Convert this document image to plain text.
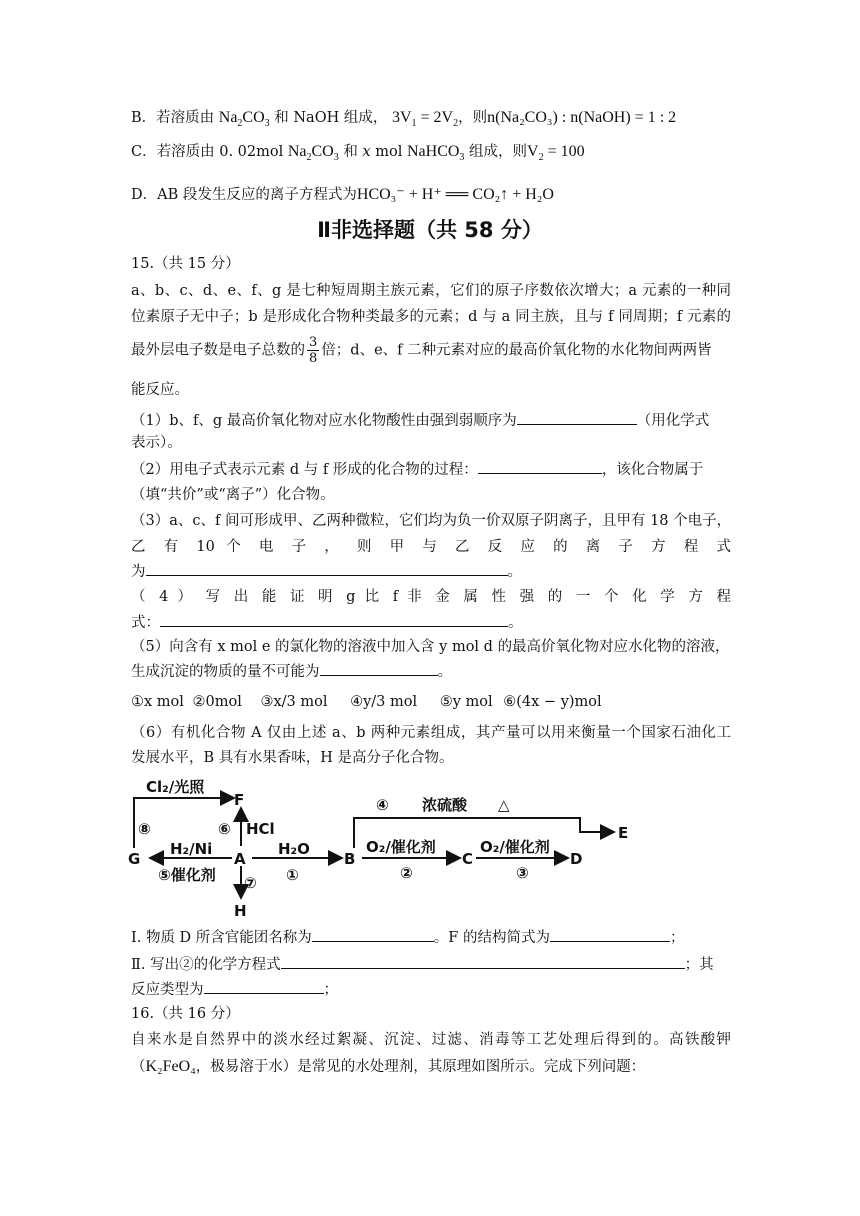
B．若溶质由 $Na_2CO_3$ 和 NaOH 组成， $3V_1 = 2V_2$，则n(Na₂CO₃) : n(NaOH) = 1 : 2
C．若溶质由 0. 02mol $Na_2CO_3$ 和 x mol NaHCO$_3$ 组成，则$V_2 = 100$
D．AB 段发生反应的离子方程式为HCO₃⁻ + H⁺ ══ CO₂↑ + H₂O
Ⅱ非选择题（共 58 分）
15.（共 15 分）
a、b、c、d、e、f、g 是七种短周期主族元素，它们的原子序数依次增大；a 元素的一种同
位素原子无中子；b 是形成化合物种类最多的元素；d 与 a 同主族，且与 f 同周期；f 元素的
最外层电子数是电子总数的 $\frac{3}{8}$ 倍；d、e、f 二种元素对应的最高价氧化物的水化物间两两皆
能反应。
（1）b、f、g 最高价氧化物对应水化物酸性由强到弱顺序为	（用化学式
表示）。
（2）用电子式表示元素 d 与 f 形成的化合物的过程：	，该化合物属于
（填“共价”或“离子”）化合物。
（3）a、c、f 间可形成甲、乙两种微粒，它们均为负一价双原子阴离子，且甲有 18 个电子，
乙 有 10 个 电 子 ， 则 甲 与 乙 反 应 的 离 子 方 程 式
为	。
（ 4 ） 写 出 能 证 明 g 比 f 非 金 属 性 强 的 一 个 化 学 方 程
式：	。
（5）向含有 x mol e 的氯化物的溶液中加入含 y mol d 的最高价氧化物对应水化物的溶液，
生成沉淀的物质的量不可能为	。
①x mol ②0mol ③x/3 mol ④y/3 mol ⑤y mol ⑥(4x − y)mol
（6）有机化合物 A 仅由上述 a、b 两种元素组成，其产量可以用来衡量一个国家石油化工
发展水平，B 具有水果香味，H 是高分子化合物。
Cl₂/光照
F
⑧	⑥ HCl
H₂/Ni
G	A
⑤催化剂 ⑦
H
H₂O
①
B
O₂/催化剂
②
C
O₂/催化剂
③
D
④ 浓硫酸 △
E
Ⅰ. 物质 D 所含官能团名称为	。F 的结构简式为	；
Ⅱ. 写出②的化学方程式	；其
反应类型为	；
16.（共 16 分）
自来水是自然界中的淡水经过絮凝、沉淀、过滤、消毒等工艺处理后得到的。高铁酸钾
（K₂FeO₄，极易溶于水）是常见的水处理剂，其原理如图所示。完成下列问题：
